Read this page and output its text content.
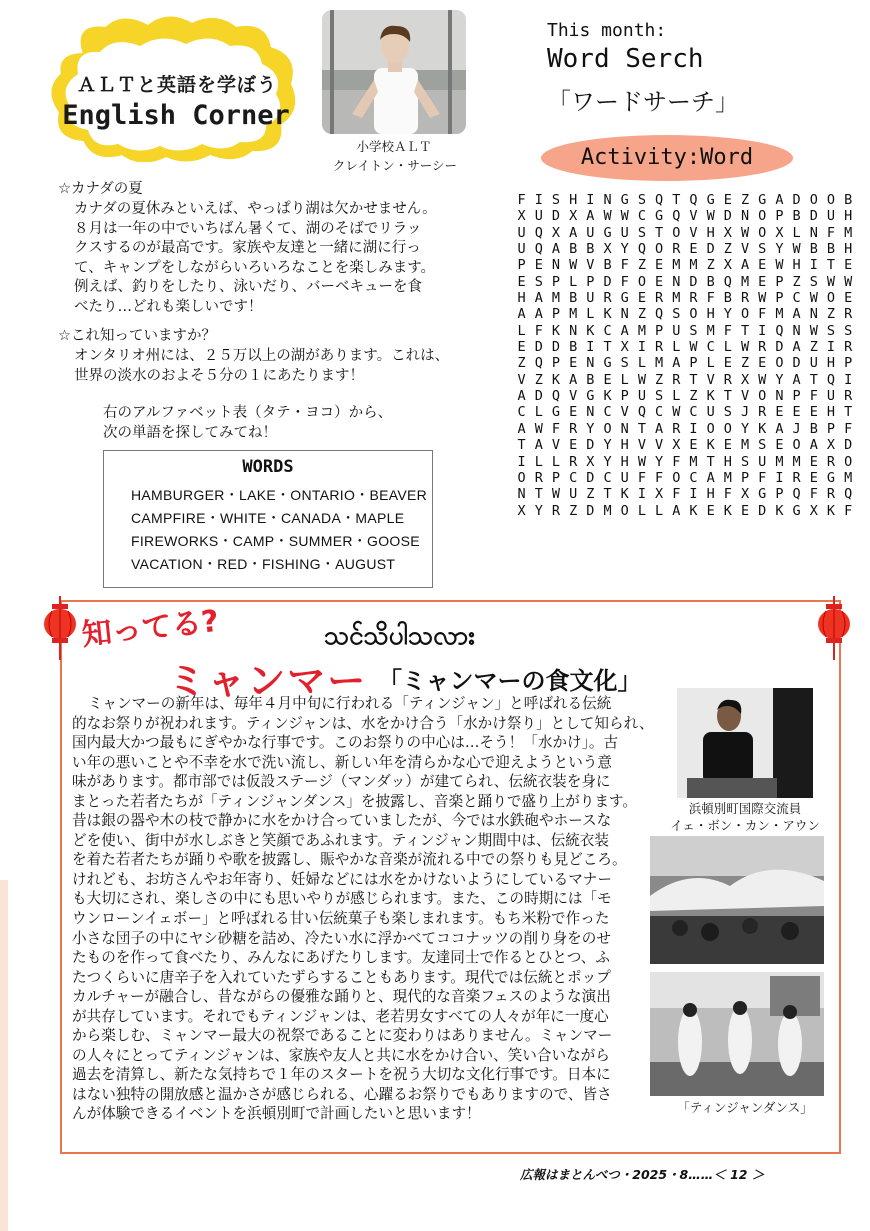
ＡＬＴと英語を学ぼう
English Corner
小学校ＡＬＴ
クレイトン・サーシー
This month:
Word Serch
「ワードサーチ」
Activity:Word
☆カナダの夏
カナダの夏休みといえば、やっぱり湖は欠かせません。
８月は一年の中でいちばん暑くて、湖のそばでリラッ
クスするのが最高です。家族や友達と一緒に湖に行っ
て、キャンプをしながらいろいろなことを楽しみます。
例えば、釣りをしたり、泳いだり、バーベキューを食
べたり…どれも楽しいです！
☆これ知っていますか？
オンタリオ州には、２５万以上の湖があります。これは、
世界の淡水のおよそ５分の１にあたります！
右のアルファベット表（タテ・ヨコ）から、
次の単語を探してみてね！
WORDS
HAMBURGER・LAKE・ONTARIO・BEAVER
CAMPFIRE・WHITE・CANADA・MAPLE
FIREWORKS・CAMP・SUMMER・GOOSE
VACATION・RED・FISHING・AUGUST
F I S H I N G S Q T Q G E Z G A D O O B
X U D X A W W C G Q V W D N O P B D U H
U Q X A U G U S T O V H X W O X L N F M
U Q A B B X Y Q O R E D Z V S Y W B B H
P E N W V B F Z E M M Z X A E W H I T E
E S P L P D F O E N D B Q M E P Z S W W
H A M B U R G E R M R F B R W P C W O E
A A P M L K N Z Q S O H Y O F M A N Z R
L F K N K C A M P U S M F T I Q N W S S
E D D B I T X I R L W C L W R D A Z I R
Z Q P E N G S L M A P L E Z E O D U H P
V Z K A B E L W Z R T V R X W Y A T Q I
A D Q V G K P U S L Z K T V O N P F U R
C L G E N C V Q C W C U S J R E E E H T
A W F R Y O N T A R I O O Y K A J B P F
T A V E D Y H V V X E K E M S E O A X D
I L L R X Y H W Y F M T H S U M M E R O
O R P C D C U F F O C A M P F I R E G M
N T W U Z T K I X F I H F X G P Q F R Q
X Y R Z D M O L L A K E K E D K G X K F
知ってる?	သင်သိပါသလား
ミャンマー 「ミャンマーの食文化」
ミャンマーの新年は、毎年４月中旬に行われる「ティンジャン」と呼ばれる伝統
的なお祭りが祝われます。ティンジャンは、水をかけ合う「水かけ祭り」として知られ、
国内最大かつ最もにぎやかな行事です。このお祭りの中心は…そう！「水かけ」。古
い年の悪いことや不幸を水で洗い流し、新しい年を清らかな心で迎えようという意
味があります。都市部では仮設ステージ（マンダッ）が建てられ、伝統衣装を身に
まとった若者たちが「ティンジャンダンス」を披露し、音楽と踊りで盛り上がります。
昔は銀の器や木の枝で静かに水をかけ合っていましたが、今では水鉄砲やホースな
どを使い、街中が水しぶきと笑顔であふれます。ティンジャン期間中は、伝統衣装
を着た若者たちが踊りや歌を披露し、賑やかな音楽が流れる中での祭りも見どころ。
けれども、お坊さんやお年寄り、妊婦などには水をかけないようにしているマナー
も大切にされ、楽しさの中にも思いやりが感じられます。また、この時期には「モ
ウンローンイェボー」と呼ばれる甘い伝統菓子も楽しまれます。もち米粉で作った
小さな団子の中にヤシ砂糖を詰め、冷たい水に浮かべてココナッツの削り身をのせ
たものを作って食べたり、みんなにあげたりします。友達同士で作るとひとつ、ふ
たつくらいに唐辛子を入れていたずらすることもあります。現代では伝統とポップ
カルチャーが融合し、昔ながらの優雅な踊りと、現代的な音楽フェスのような演出
が共存しています。それでもティンジャンは、老若男女すべての人々が年に一度心
から楽しむ、ミャンマー最大の祝祭であることに変わりはありません。ミャンマー
の人々にとってティンジャンは、家族や友人と共に水をかけ合い、笑い合いながら
過去を清算し、新たな気持ちで１年のスタートを祝う大切な文化行事です。日本に
はない独特の開放感と温かさが感じられる、心躍るお祭りでもありますので、皆さ
んが体験できるイベントを浜頓別町で計画したいと思います！
浜頓別町国際交流員
イェ・ボン・カン・アウン
「ティンジャンダンス」
広報はまとんべつ・2025・8……＜ 12 ＞
